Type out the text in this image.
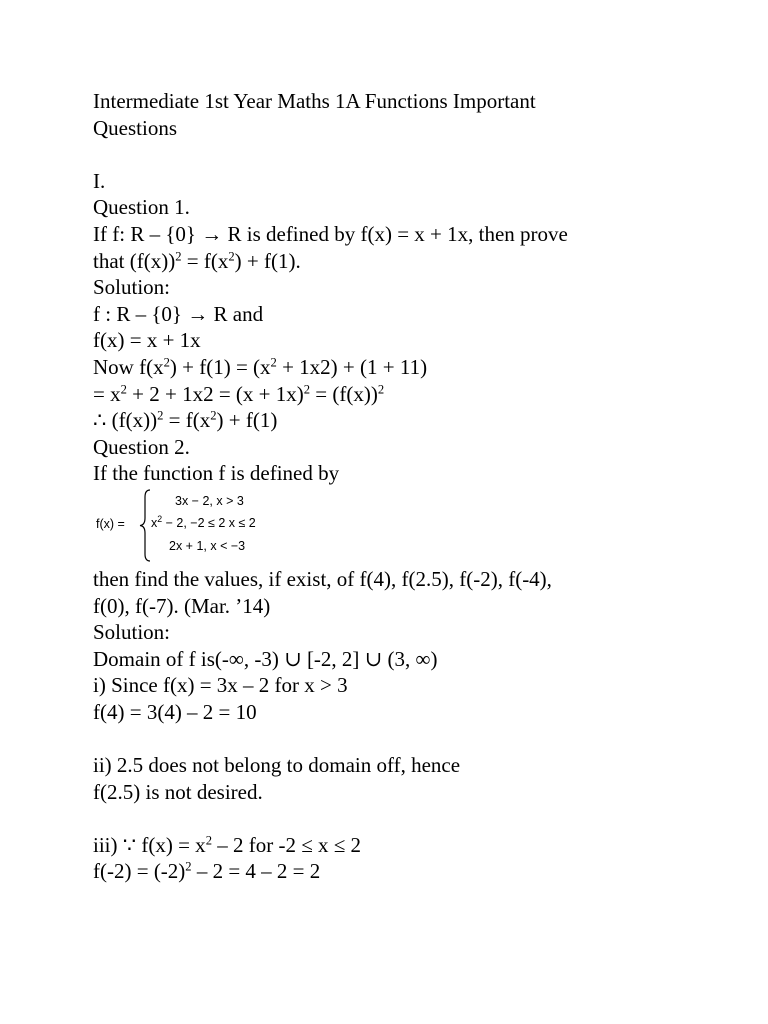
Intermediate 1st Year Maths 1A Functions Important
Questions
I.
Question 1.
If f: R – {0} → R is defined by f(x) = x + 1x, then prove
that $(f(x))^2 = f(x^2) + f(1)$.
Solution:
f : R – {0} → R and
f(x) = x + 1x
Now $f(x^2) + f(1) = (x^2 + 1x2) + (1 + 11)$
= $x^2 + 2 + 1x2 = (x + 1x)^2 = (f(x))^2$
∴ $(f(x))^2 = f(x^2) + f(1)$
Question 2.
If the function f is defined by
f(x) =
3x − 2, x > 3
$x^2 - 2$, −2 ≤ 2 x ≤ 2
2x + 1, x < −3
then find the values, if exist, of f(4), f(2.5), f(-2), f(-4),
f(0), f(-7). (Mar. ’14)
Solution:
Domain of f is(-∞, -3) ∪ [-2, 2] ∪ (3, ∞)
i) Since f(x) = 3x – 2 for x > 3
f(4) = 3(4) – 2 = 10
ii) 2.5 does not belong to domain off, hence
f(2.5) is not desired.
iii) ∵ $f(x) = x^2 - 2$ for -2 ≤ x ≤ 2
$f(-2) = (-2)^2 - 2 = 4 - 2 = 2$
